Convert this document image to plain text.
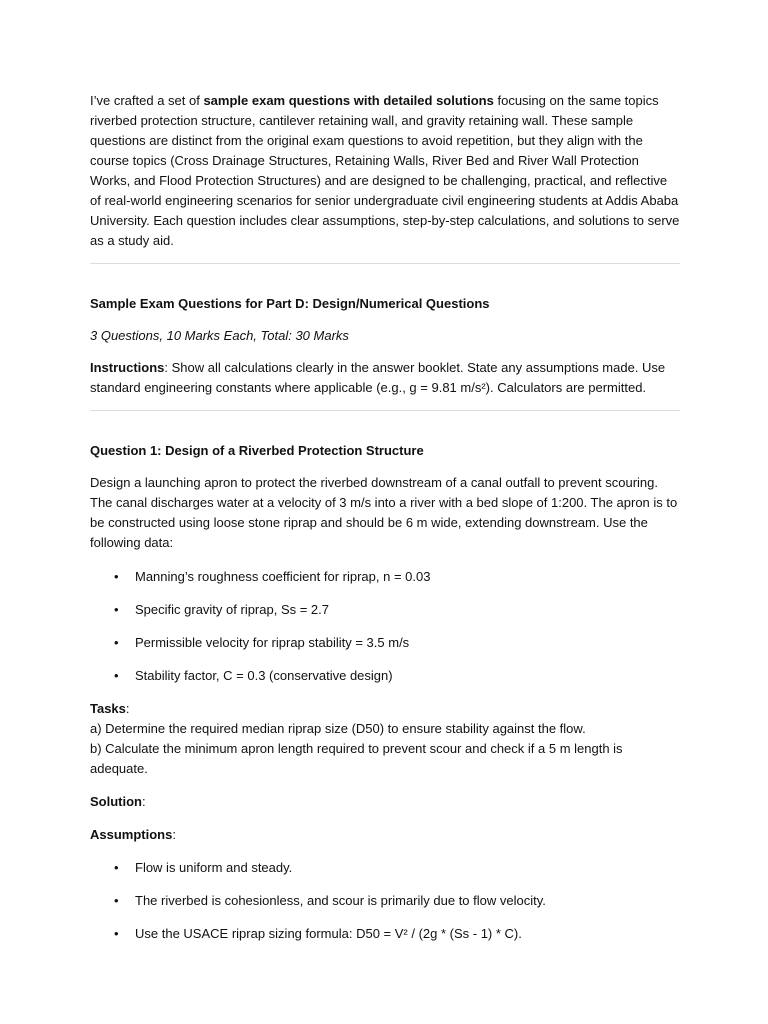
I’ve crafted a set of sample exam questions with detailed solutions focusing on the same topics riverbed protection structure, cantilever retaining wall, and gravity retaining wall. These sample questions are distinct from the original exam questions to avoid repetition, but they align with the course topics (Cross Drainage Structures, Retaining Walls, River Bed and River Wall Protection Works, and Flood Protection Structures) and are designed to be challenging, practical, and reflective of real-world engineering scenarios for senior undergraduate civil engineering students at Addis Ababa University. Each question includes clear assumptions, step-by-step calculations, and solutions to serve as a study aid.

Sample Exam Questions for Part D: Design/Numerical Questions

3 Questions, 10 Marks Each, Total: 30 Marks

Instructions: Show all calculations clearly in the answer booklet. State any assumptions made. Use standard engineering constants where applicable (e.g., g = 9.81 m/s²). Calculators are permitted.

Question 1: Design of a Riverbed Protection Structure

Design a launching apron to protect the riverbed downstream of a canal outfall to prevent scouring. The canal discharges water at a velocity of 3 m/s into a river with a bed slope of 1:200. The apron is to be constructed using loose stone riprap and should be 6 m wide, extending downstream. Use the following data:

• Manning’s roughness coefficient for riprap, n = 0.03
• Specific gravity of riprap, Ss = 2.7
• Permissible velocity for riprap stability = 3.5 m/s
• Stability factor, C = 0.3 (conservative design)

Tasks:
a) Determine the required median riprap size (D50) to ensure stability against the flow.
b) Calculate the minimum apron length required to prevent scour and check if a 5 m length is adequate.

Solution:

Assumptions:

• Flow is uniform and steady.
• The riverbed is cohesionless, and scour is primarily due to flow velocity.
• Use the USACE riprap sizing formula: D50 = V² / (2g * (Ss - 1) * C).
